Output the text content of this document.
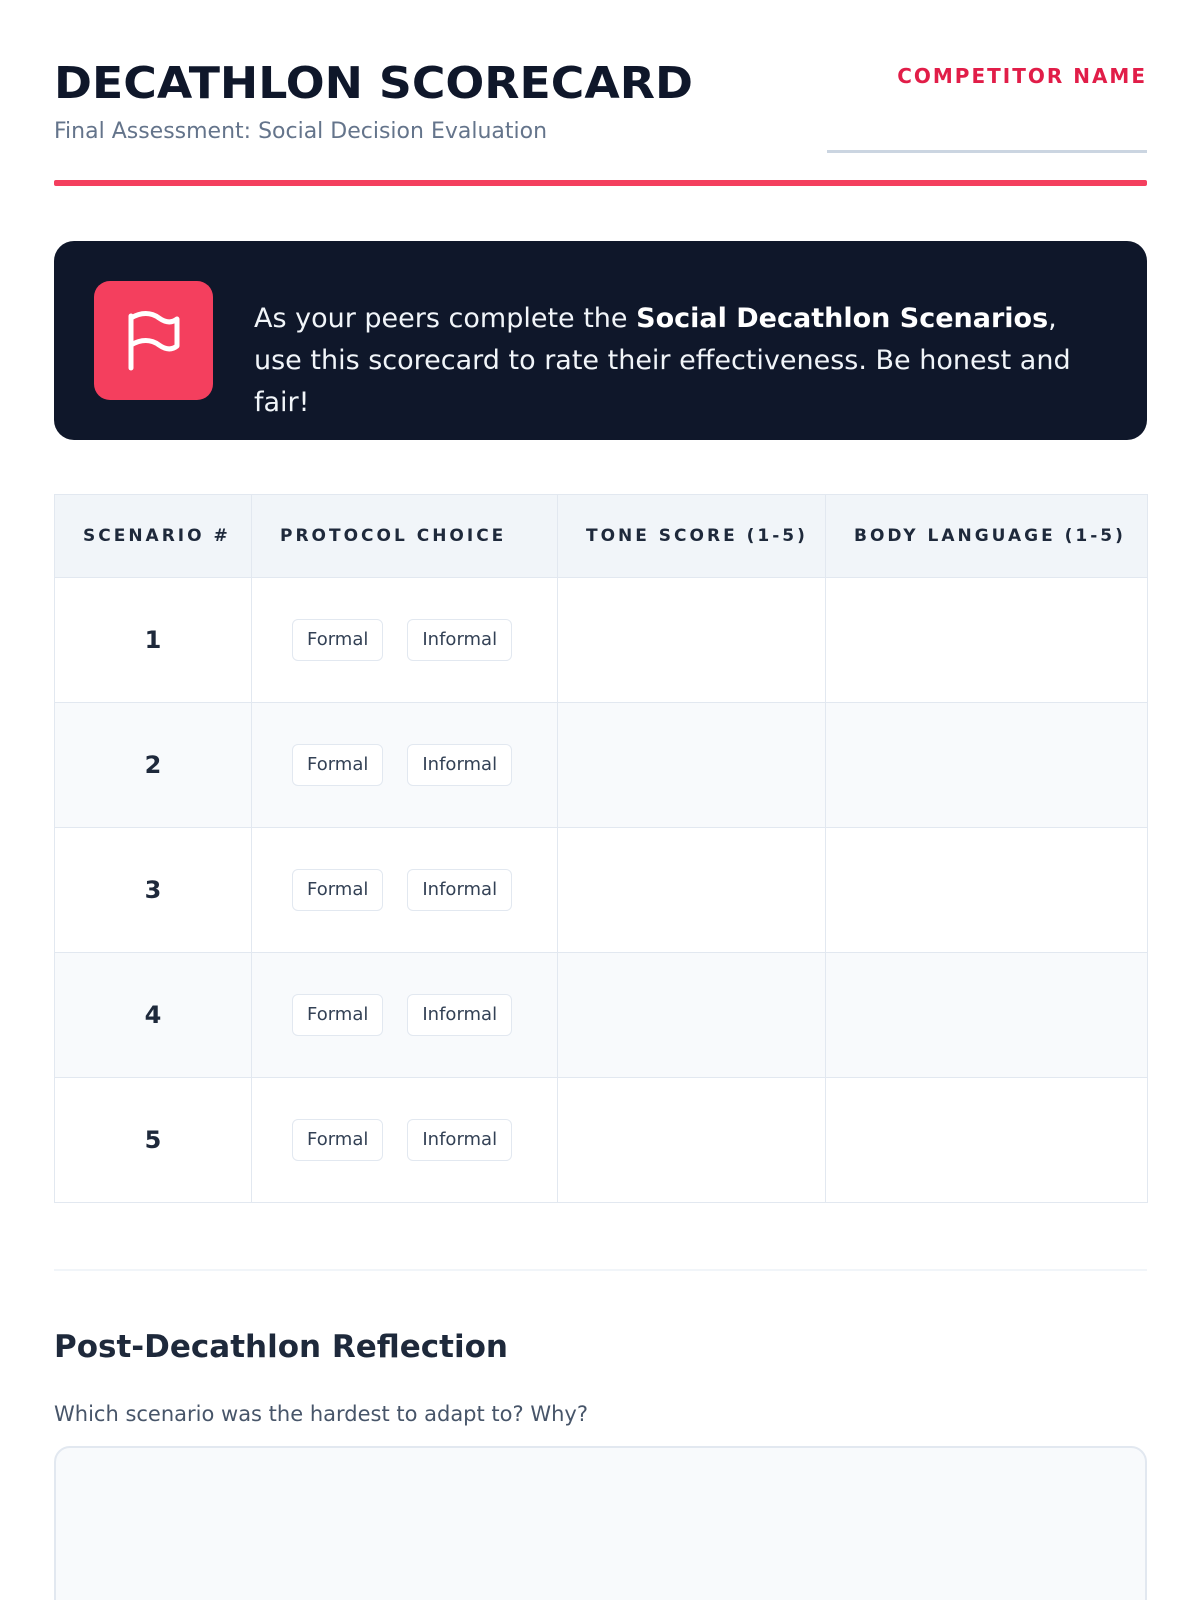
DECATHLON SCORECARD
Final Assessment: Social Decision Evaluation
COMPETITOR NAME
As your peers complete the Social Decathlon Scenarios, use this scorecard to rate their effectiveness. Be honest and fair!
SCENARIO #	PROTOCOL CHOICE	TONE SCORE (1-5)	BODY LANGUAGE (1-5)
1	Formal Informal		
2	Formal Informal		
3	Formal Informal		
4	Formal Informal		
5	Formal Informal		
Post-Decathlon Reflection
Which scenario was the hardest to adapt to? Why?
